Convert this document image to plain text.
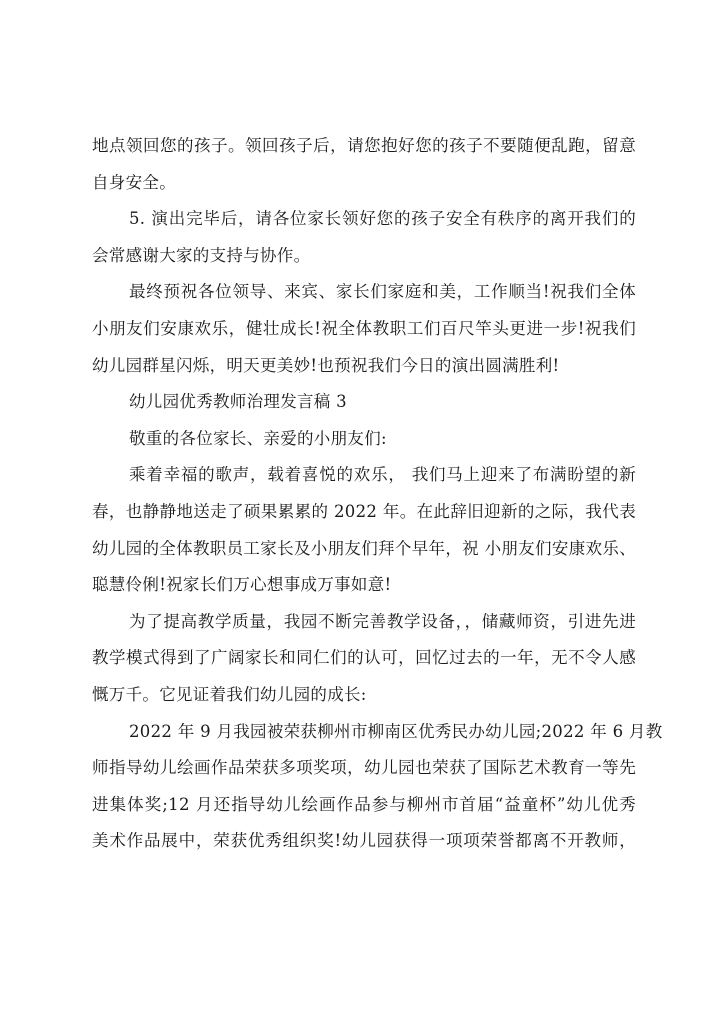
地点领回您的孩子。领回孩子后，请您抱好您的孩子不要随便乱跑，留意
自身安全。
5. 演出完毕后，请各位家长领好您的孩子安全有秩序的离开我们的
会常感谢大家的支持与协作。
最终预祝各位领导、来宾、家长们家庭和美，工作顺当!祝我们全体
小朋友们安康欢乐，健壮成长!祝全体教职工们百尺竿头更进一步!祝我们
幼儿园群星闪烁，明天更美妙!也预祝我们今日的演出圆满胜利!
幼儿园优秀教师治理发言稿 3
敬重的各位家长、亲爱的小朋友们:
乘着幸福的歌声，载着喜悦的欢乐， 我们马上迎来了布满盼望的新
春，也静静地送走了硕果累累的 2022 年。在此辞旧迎新的之际，我代表
幼儿园的全体教职员工家长及小朋友们拜个早年，祝 小朋友们安康欢乐、
聪慧伶俐!祝家长们万心想事成万事如意!
为了提高教学质量，我园不断完善教学设备，，储藏师资，引进先进
教学模式得到了广阔家长和同仁们的认可，回忆过去的一年，无不令人感
慨万千。它见证着我们幼儿园的成长:
2022 年 9 月我园被荣获柳州市柳南区优秀民办幼儿园;2022 年 6 月教
师指导幼儿绘画作品荣获多项奖项，幼儿园也荣获了国际艺术教育一等先
进集体奖;12 月还指导幼儿绘画作品参与柳州市首届“益童杯”幼儿优秀
美术作品展中，荣获优秀组织奖!幼儿园获得一项项荣誉都离不开教师，
